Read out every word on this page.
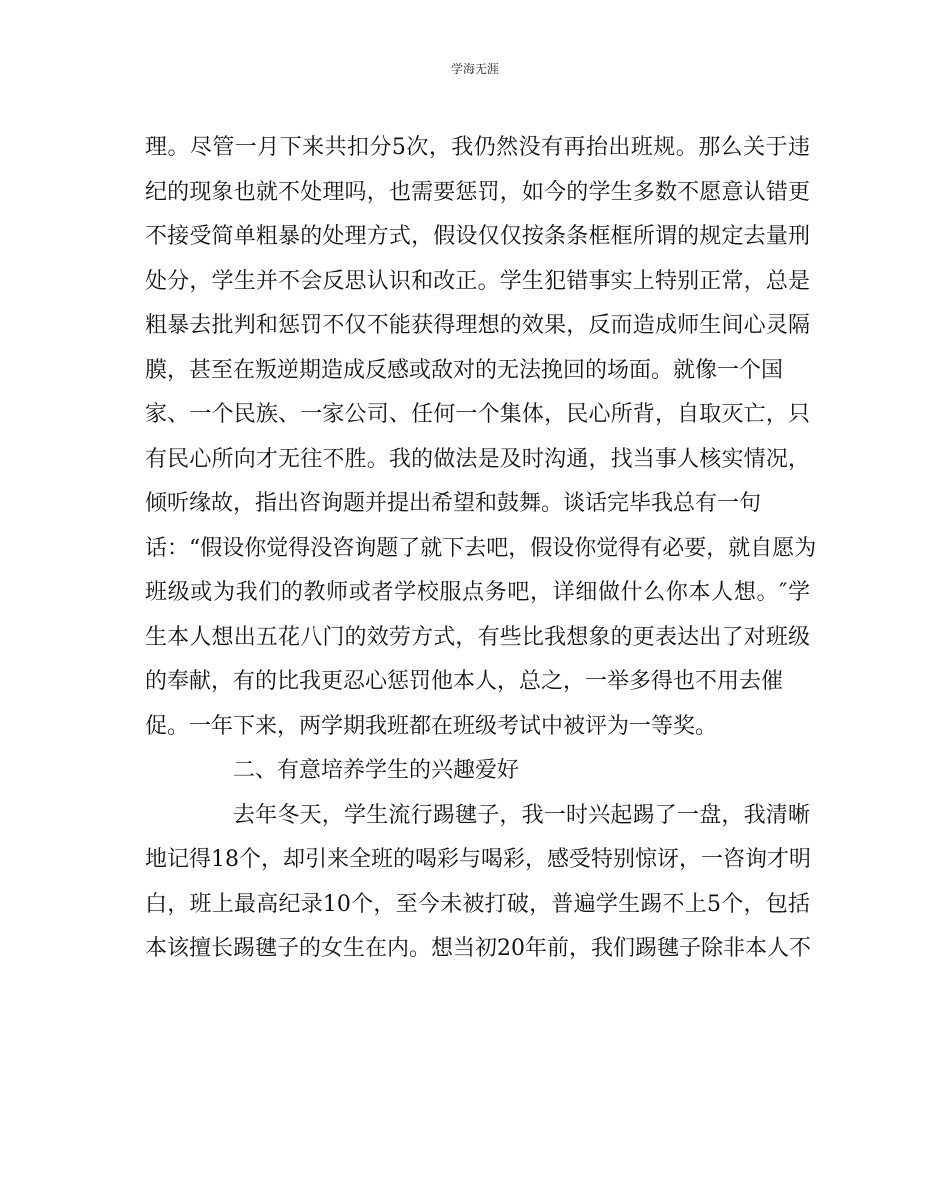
学海无涯
理。尽管一月下来共扣分5次，我仍然没有再抬出班规。那么关于违
纪的现象也就不处理吗，也需要惩罚，如今的学生多数不愿意认错更
不接受简单粗暴的处理方式，假设仅仅按条条框框所谓的规定去量刑
处分，学生并不会反思认识和改正。学生犯错事实上特别正常，总是
粗暴去批判和惩罚不仅不能获得理想的效果，反而造成师生间心灵隔
膜，甚至在叛逆期造成反感或敌对的无法挽回的场面。就像一个国
家、一个民族、一家公司、任何一个集体，民心所背，自取灭亡，只
有民心所向才无往不胜。我的做法是及时沟通，找当事人核实情况，
倾听缘故，指出咨询题并提出希望和鼓舞。谈话完毕我总有一句
话：“假设你觉得没咨询题了就下去吧，假设你觉得有必要，就自愿为
班级或为我们的教师或者学校服点务吧，详细做什么你本人想。″学
生本人想出五花八门的效劳方式，有些比我想象的更表达出了对班级
的奉献，有的比我更忍心惩罚他本人，总之，一举多得也不用去催
促。一年下来，两学期我班都在班级考试中被评为一等奖。
二、有意培养学生的兴趣爱好
去年冬天，学生流行踢毽子，我一时兴起踢了一盘，我清晰
地记得18个，却引来全班的喝彩与喝彩，感受特别惊讶，一咨询才明
白，班上最高纪录10个，至今未被打破，普遍学生踢不上5个，包括
本该擅长踢毽子的女生在内。想当初20年前，我们踢毽子除非本人不
